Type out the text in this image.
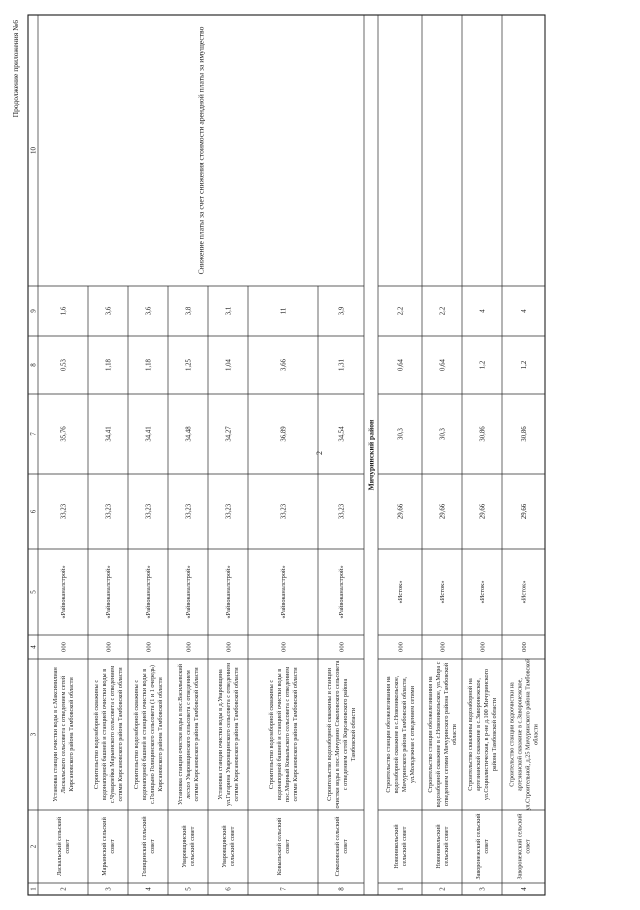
2
Продолжение приложения №6
1
2
3
4
5
6
7
8
9
10
2
Ласкальский сельский совет
Установка станции очистки воды в с.Максимилиан Ласкальского сельсовета с отведением сетей Кирсановского района Тамбовской области
000
«Райвоканалстрой»
33,23
35,76
0,53
1,6
3
Марьинский сельский совет
Строительство водозаборной скважины с водонапорной башней и станцией очистки воды в с.Чуварлейка Марьинского сельсовета с отведением сетями Кирсановского района Тамбовской области
000
«Райвоканалстрой»
33,23
34,41
1,18
3,6
4
Голицинский сельский совет
Строительство водозаборной скважины с водонапорной башней и станцией очистки воды в с.Голицыно Голицинского сельсовета (1 и 1 очередь) Кирсановского района Тамбовской области
000
«Райвоканалстрой»
33,23
34,41
1,18
3,6
5
Уваровщинский сельский совет
Установка станции очистки воды в пос.Васильевский лесхоз Уваровщинского сельсовета с отведением сетями Кирсановского района Тамбовской области
000
«Райвоканалстрой»
33,23
34,48
1,25
3,8
6
Уваровщинский сельский совет
Установка станции очистки воды в д.Уваровщина ул.Гагарина Уваровщинского сельсовета с отведением сетями Кирсановского района Тамбовской области
000
«Райвоканалстрой»
33,23
34,27
1,04
3,1
7
Ковыльский сельский совет
Строительство водозаборной скважины с водонапорной башней и станцией очистки воды в пос.Мирный Ковыльского сельсовета с отведением сетями Кирсановского района Тамбовской области
000
«Райвоканалстрой»
33,23
36,89
3,66
11
8
Соколовский сельский совет
Строительство водозаборной скважины и станции очистки воды в пос.Мичурино Соколовского сельсовета с отведением сетей Кирсановского района Тамбовской области
000
«Райвоканалстрой»
33,23
34,54
1,31
3,9
Снижение платы за счет снижения стоимости арендной платы за имущество
1
Новоникольский сельский совет
Строительство станции обезжелезивания на водозаборной скважине в с.Новоникольское, Мичуринского района Тамбовской области, ул.Молодежная с отведением сетями
000
«Исток»
29,66
30,3
0,64
2,2
2
Новоникольский сельский совет
Строительство станции обезжелезивания на водозаборной скважине в с.Новоникольское, ул.Мира с отведением сетями Мичуринского района Тамбовской области
000
«Исток»
29,66
30,3
0,64
2,2
3
Заворонежский сельский совет
Строительство скважины водозаборной на артезианской скважине в с.Заворонежское, ул.Социалистическая, в р-не д.100 Мичуринского района Тамбовской области
000
«Исток»
29,66
30,86
1,2
4
4
Заворонежский сельский совет
Строительство станции водоочистки на артезианской скважине в с.Заворонежское, ул.Строительной, д.25 Мичуринского района Тамбовской области
000
«Исток»
29,66
30,86
1,2
4
Мичуринский район
